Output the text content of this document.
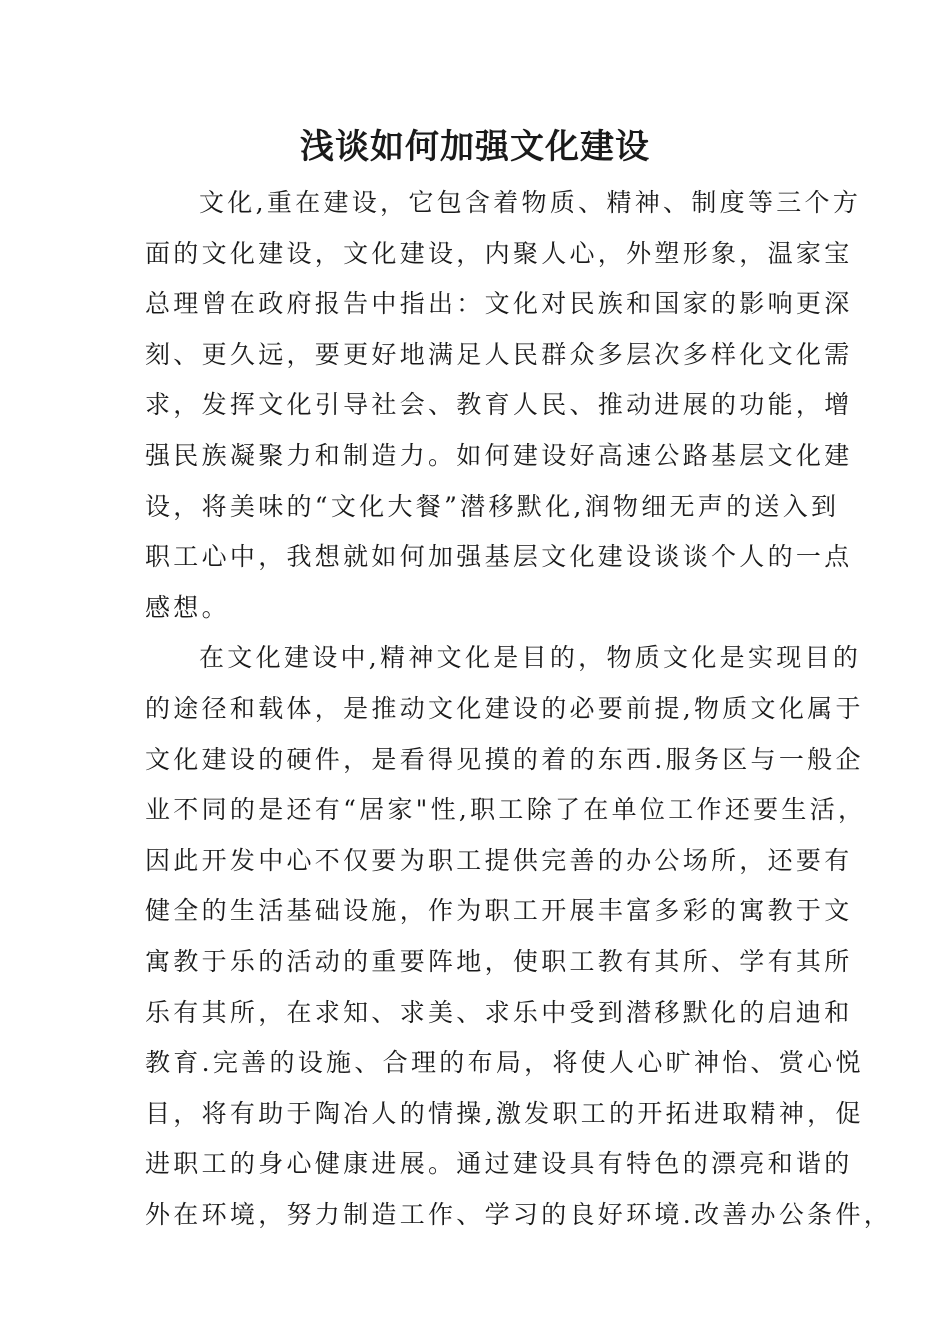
浅谈如何加强文化建设
文化,重在建设，它包含着物质、精神、制度等三个方
面的文化建设，文化建设，内聚人心，外塑形象，温家宝
总理曾在政府报告中指出：文化对民族和国家的影响更深
刻、更久远，要更好地满足人民群众多层次多样化文化需
求，发挥文化引导社会、教育人民、推动进展的功能，增
强民族凝聚力和制造力。如何建设好高速公路基层文化建
设，将美味的“文化大餐”潜移默化,润物细无声的送入到
职工心中，我想就如何加强基层文化建设谈谈个人的一点
感想。
在文化建设中,精神文化是目的，物质文化是实现目的
的途径和载体，是推动文化建设的必要前提,物质文化属于
文化建设的硬件，是看得见摸的着的东西.服务区与一般企
业不同的是还有“居家"性,职工除了在单位工作还要生活，
因此开发中心不仅要为职工提供完善的办公场所，还要有
健全的生活基础设施，作为职工开展丰富多彩的寓教于文
寓教于乐的活动的重要阵地，使职工教有其所、学有其所
乐有其所，在求知、求美、求乐中受到潜移默化的启迪和
教育.完善的设施、合理的布局，将使人心旷神怡、赏心悦
目，将有助于陶冶人的情操,激发职工的开拓进取精神，促
进职工的身心健康进展。通过建设具有特色的漂亮和谐的
外在环境，努力制造工作、学习的良好环境.改善办公条件，
